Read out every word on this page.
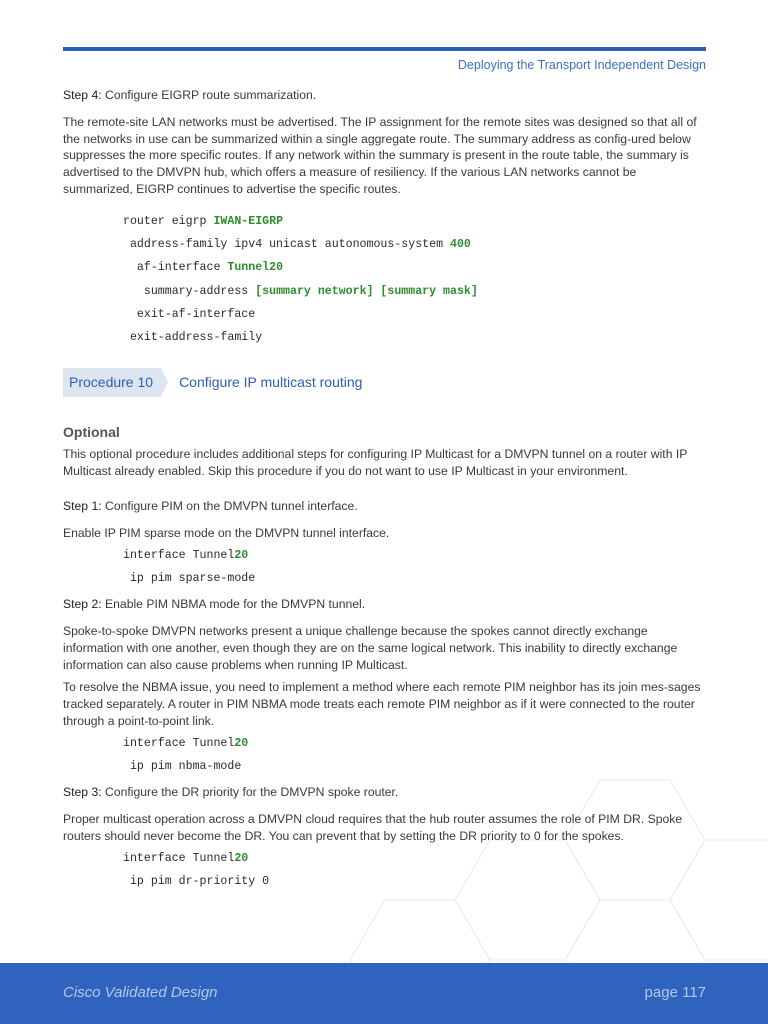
Deploying the Transport Independent Design
Step 4: Configure EIGRP route summarization.
The remote-site LAN networks must be advertised. The IP assignment for the remote sites was designed so that all of the networks in use can be summarized within a single aggregate route. The summary address as config-ured below suppresses the more specific routes. If any network within the summary is present in the route table, the summary is advertised to the DMVPN hub, which offers a measure of resiliency. If the various LAN networks cannot be summarized, EIGRP continues to advertise the specific routes.
router eigrp IWAN-EIGRP
address-family ipv4 unicast autonomous-system 400
af-interface Tunnel20
summary-address [summary network] [summary mask]
exit-af-interface
exit-address-family
Procedure 10	Configure IP multicast routing
Optional
This optional procedure includes additional steps for configuring IP Multicast for a DMVPN tunnel on a router with IP Multicast already enabled. Skip this procedure if you do not want to use IP Multicast in your environment.
Step 1: Configure PIM on the DMVPN tunnel interface.
Enable IP PIM sparse mode on the DMVPN tunnel interface.
interface Tunnel20
ip pim sparse-mode
Step 2: Enable PIM NBMA mode for the DMVPN tunnel.
Spoke-to-spoke DMVPN networks present a unique challenge because the spokes cannot directly exchange information with one another, even though they are on the same logical network. This inability to directly exchange information can also cause problems when running IP Multicast.
To resolve the NBMA issue, you need to implement a method where each remote PIM neighbor has its join mes-sages tracked separately. A router in PIM NBMA mode treats each remote PIM neighbor as if it were connected to the router through a point-to-point link.
interface Tunnel20
ip pim nbma-mode
Step 3: Configure the DR priority for the DMVPN spoke router.
Proper multicast operation across a DMVPN cloud requires that the hub router assumes the role of PIM DR. Spoke routers should never become the DR. You can prevent that by setting the DR priority to 0 for the spokes.
interface Tunnel20
ip pim dr-priority 0
Cisco Validated Design	page 117
